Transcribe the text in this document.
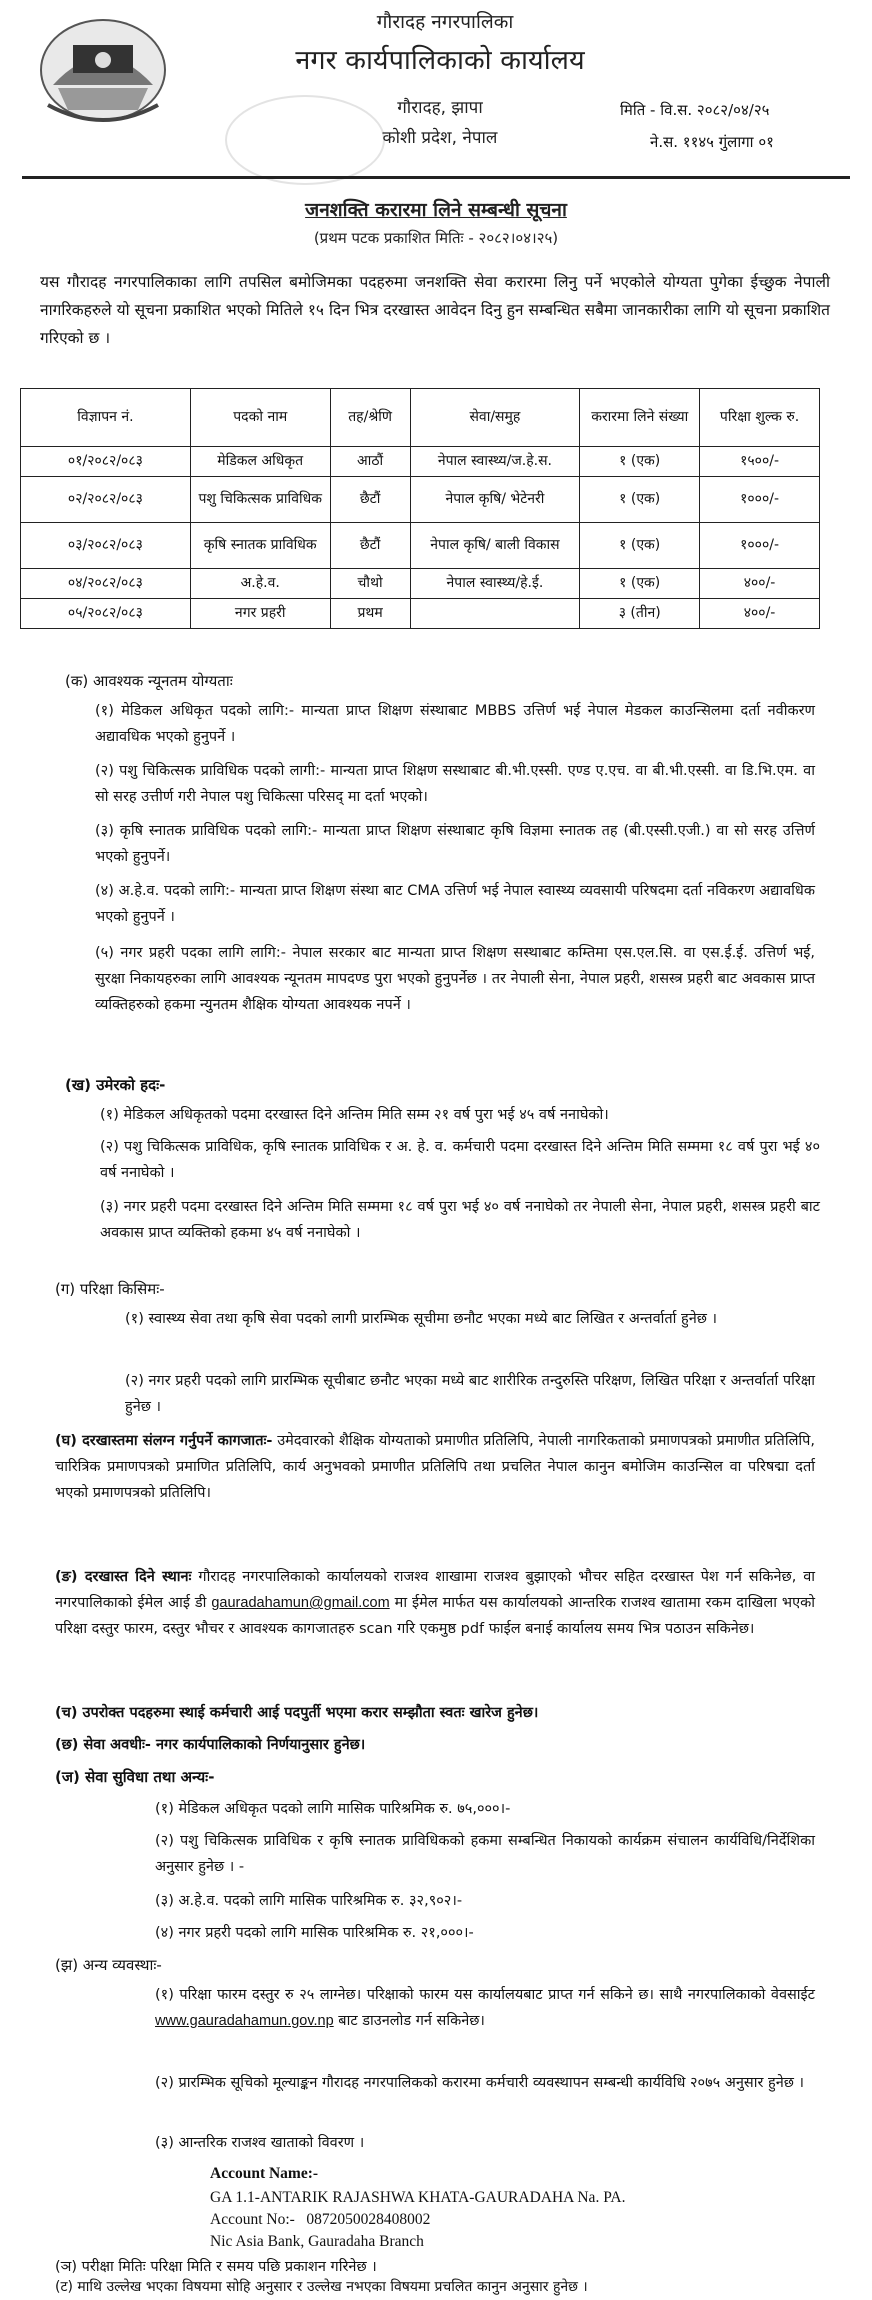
गौरादह नगरपालिका
नगर कार्यपालिकाको कार्यालय
गौरादह, झापा
कोशी प्रदेश, नेपाल
मिति - वि.स. २०८२/०४/२५
ने.स. ११४५ गुंलागा ०१
जनशक्ति करारमा लिने सम्बन्धी सूचना
(प्रथम पटक प्रकाशित मितिः - २०८२।०४।२५)
यस गौरादह नगरपालिकाका लागि तपसिल बमोजिमका पदहरुमा जनशक्ति सेवा करारमा लिनु पर्ने भएकोले योग्यता पुगेका ईच्छुक नेपाली नागरिकहरुले यो सूचना प्रकाशित भएको मितिले १५ दिन भित्र दरखास्त आवेदन दिनु हुन सम्बन्धित सबैमा जानकारीका लागि यो सूचना प्रकाशित गरिएको छ ।
विज्ञापन नं.	पदको नाम	तह/श्रेणि	सेवा/समुह	करारमा लिने संख्या	परिक्षा शुल्क रु.
०१/२०८२/०८३	मेडिकल अधिकृत	आठौं	नेपाल स्वास्थ्य/ज.हे.स.	१ (एक)	१५००/-
०२/२०८२/०८३	पशु चिकित्सक प्राविधिक	छैटौं	नेपाल कृषि/ भेटेनरी	१ (एक)	१०००/-
०३/२०८२/०८३	कृषि स्नातक प्राविधिक	छैटौं	नेपाल कृषि/ बाली विकास	१ (एक)	१०००/-
०४/२०८२/०८३	अ.हे.व.	चौथो	नेपाल स्वास्थ्य/हे.ई.	१ (एक)	४००/-
०५/२०८२/०८३	नगर प्रहरी	प्रथम		३ (तीन)	४००/-
(क) आवश्यक न्यूनतम योग्यताः
(१) मेडिकल अधिकृत पदको लागि:- मान्यता प्राप्त शिक्षण संस्थाबाट MBBS उत्तिर्ण भई नेपाल मेडकल काउन्सिलमा दर्ता नवीकरण अद्यावधिक भएको हुनुपर्ने ।
(२) पशु चिकित्सक प्राविधिक पदको लागी:- मान्यता प्राप्त शिक्षण सस्थाबाट बी.भी.एस्सी. एण्ड ए.एच. वा बी.भी.एस्सी. वा डि.भि.एम. वा सो सरह उत्तीर्ण गरी नेपाल पशु चिकित्सा परिसद् मा दर्ता भएको।
(३) कृषि स्नातक प्राविधिक पदको लागि:- मान्यता प्राप्त शिक्षण संस्थाबाट कृषि विज्ञमा स्नातक तह (बी.एस्सी.एजी.) वा सो सरह उत्तिर्ण भएको हुनुपर्ने।
(४) अ.हे.व. पदको लागि:- मान्यता प्राप्त शिक्षण संस्था बाट CMA उत्तिर्ण भई नेपाल स्वास्थ्य व्यवसायी परिषदमा दर्ता नविकरण अद्यावधिक भएको हुनुपर्ने ।
(५) नगर प्रहरी पदका लागि लागि:- नेपाल सरकार बाट मान्यता प्राप्त शिक्षण सस्थाबाट कम्तिमा एस.एल.सि. वा एस.ई.ई. उत्तिर्ण भई, सुरक्षा निकायहरुका लागि आवश्यक न्यूनतम मापदण्ड पुरा भएको हुनुपर्नेछ । तर नेपाली सेना, नेपाल प्रहरी, शसस्त्र प्रहरी बाट अवकास प्राप्त व्यक्तिहरुको हकमा न्युनतम शैक्षिक योग्यता आवश्यक नपर्ने ।
(ख) उमेरको हदः-
(१) मेडिकल अधिकृतको पदमा दरखास्त दिने अन्तिम मिति सम्म २१ वर्ष पुरा भई ४५ वर्ष ननाघेको।
(२) पशु चिकित्सक प्राविधिक, कृषि स्नातक प्राविधिक र अ. हे. व. कर्मचारी पदमा दरखास्त दिने अन्तिम मिति सम्ममा १८ वर्ष पुरा भई ४० वर्ष ननाघेको ।
(३) नगर प्रहरी पदमा दरखास्त दिने अन्तिम मिति सम्ममा १८ वर्ष पुरा भई ४० वर्ष ननाघेको तर नेपाली सेना, नेपाल प्रहरी, शसस्त्र प्रहरी बाट अवकास प्राप्त व्यक्तिको हकमा ४५ वर्ष ननाघेको ।
(ग) परिक्षा किसिमः-
(१) स्वास्थ्य सेवा तथा कृषि सेवा पदको लागी प्रारम्भिक सूचीमा छनौट भएका मध्ये बाट लिखित र अन्तर्वार्ता हुनेछ ।
(२) नगर प्रहरी पदको लागि प्रारम्भिक सूचीबाट छनौट भएका मध्ये बाट शारीरिक तन्दुरुस्ति परिक्षण, लिखित परिक्षा र अन्तर्वार्ता परिक्षा हुनेछ ।
(घ) दरखास्तमा संलग्न गर्नुपर्ने कागजातः- उमेदवारको शैक्षिक योग्यताको प्रमाणीत प्रतिलिपि, नेपाली नागरिकताको प्रमाणपत्रको प्रमाणीत प्रतिलिपि, चारित्रिक प्रमाणपत्रको प्रमाणित प्रतिलिपि, कार्य अनुभवको प्रमाणीत प्रतिलिपि तथा प्रचलित नेपाल कानुन बमोजिम काउन्सिल वा परिषद्मा दर्ता भएको प्रमाणपत्रको प्रतिलिपि।
(ङ) दरखास्त दिने स्थानः गौरादह नगरपालिकाको कार्यालयको राजश्व शाखामा राजश्व बुझाएको भौचर सहित दरखास्त पेश गर्न सकिनेछ, वा नगरपालिकाको ईमेल आई डी gauradahamun@gmail.com मा ईमेल मार्फत यस कार्यालयको आन्तरिक राजश्व खातामा रकम दाखिला भएको परिक्षा दस्तुर फारम, दस्तुर भौचर र आवश्यक कागजातहरु scan गरि एकमुष्ठ pdf फाईल बनाई कार्यालय समय भित्र पठाउन सकिनेछ।
(च) उपरोक्त पदहरुमा स्थाई कर्मचारी आई पदपुर्ती भएमा करार सम्झौता स्वतः खारेज हुनेछ।
(छ) सेवा अवधीः- नगर कार्यपालिकाको निर्णयानुसार हुनेछ।
(ज) सेवा सुविधा तथा अन्यः-
(१) मेडिकल अधिकृत पदको लागि मासिक पारिश्रमिक रु. ७५,०००।-
(२) पशु चिकित्सक प्राविधिक र कृषि स्नातक प्राविधिकको हकमा सम्बन्धित निकायको कार्यक्रम संचालन कार्यविधि/निर्देशिका अनुसार हुनेछ । -
(३) अ.हे.व. पदको लागि मासिक पारिश्रमिक रु. ३२,९०२।-
(४) नगर प्रहरी पदको लागि मासिक पारिश्रमिक रु. २१,०००।-
(झ) अन्य व्यवस्थाः-
(१) परिक्षा फारम दस्तुर रु २५ लाग्नेछ। परिक्षाको फारम यस कार्यालयबाट प्राप्त गर्न सकिने छ। साथै नगरपालिकाको वेवसाईट www.gauradahamun.gov.np बाट डाउनलोड गर्न सकिनेछ।
(२) प्रारम्भिक सूचिको मूल्याङ्कन गौरादह नगरपालिकको करारमा कर्मचारी व्यवस्थापन सम्बन्धी कार्यविधि २०७५ अनुसार हुनेछ ।
(३) आन्तरिक राजश्व खाताको विवरण ।
Account Name:-
GA 1.1-ANTARIK RAJASHWA KHATA-GAURADAHA Na. PA.
Account No:-   0872050028408002
Nic Asia Bank, Gauradaha Branch
(ञ) परीक्षा मितिः परिक्षा मिति र समय पछि प्रकाशन गरिनेछ ।
(ट) माथि उल्लेख भएका विषयमा सोहि अनुसार र उल्लेख नभएका विषयमा प्रचलित कानुन अनुसार हुनेछ ।
